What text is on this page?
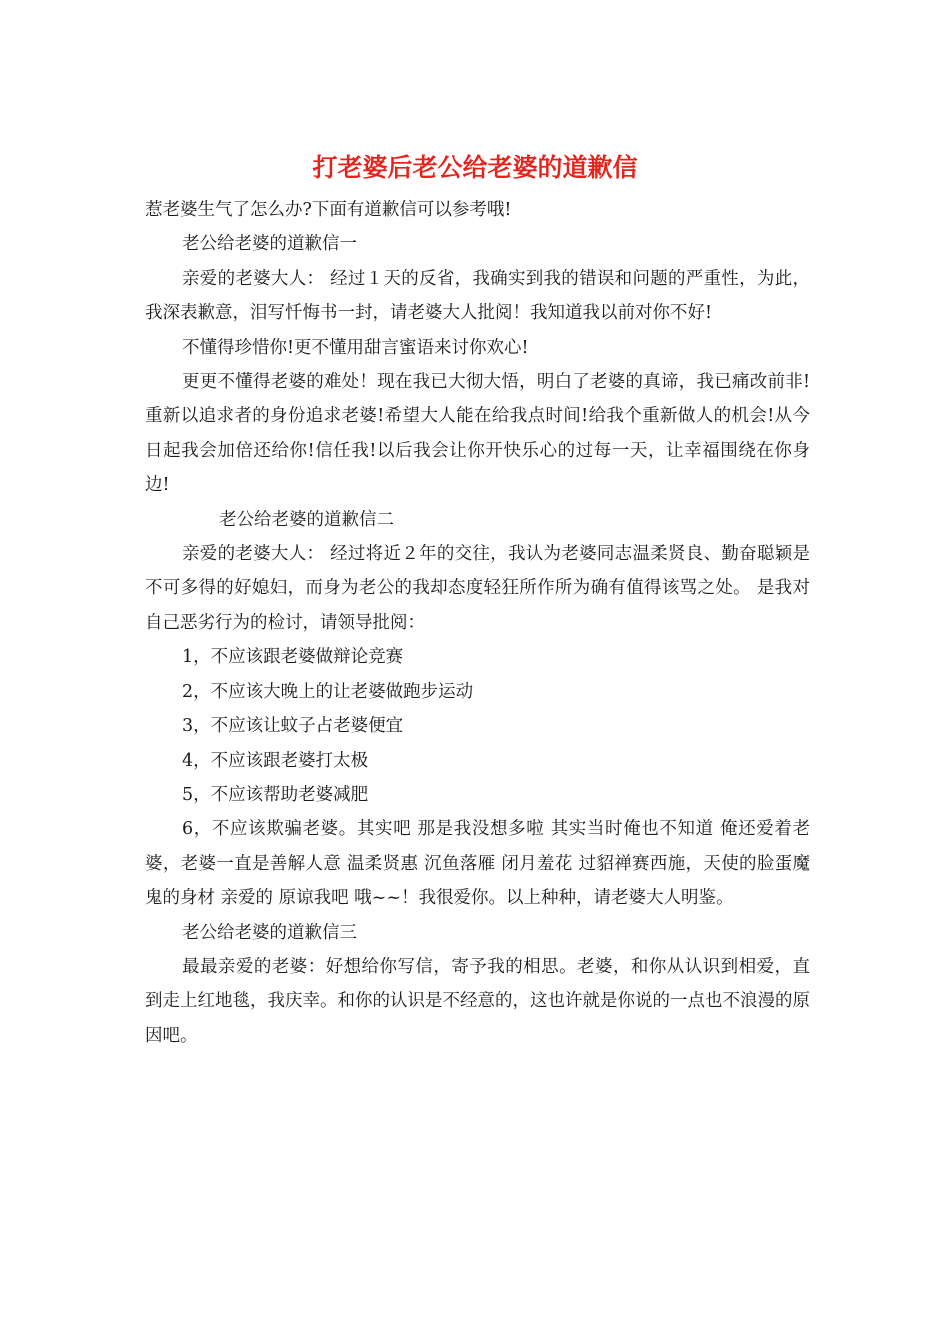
打老婆后老公给老婆的道歉信

惹老婆生气了怎么办?下面有道歉信可以参考哦!

老公给老婆的道歉信一

亲爱的老婆大人： 经过１天的反省，我确实到我的错误和问题的严重性，为此，我深表歉意，泪写忏悔书一封，请老婆大人批阅！我知道我以前对你不好!

不懂得珍惜你!更不懂用甜言蜜语来讨你欢心!

更更不懂得老婆的难处！现在我已大彻大悟，明白了老婆的真谛，我已痛改前非!重新以追求者的身份追求老婆!希望大人能在给我点时间!给我个重新做人的机会!从今日起我会加倍还给你!信任我!以后我会让你开快乐心的过每一天，让幸福围绕在你身边!

老公给老婆的道歉信二

亲爱的老婆大人： 经过将近２年的交往，我认为老婆同志温柔贤良、勤奋聪颖是不可多得的好媳妇，而身为老公的我却态度轻狂所作所为确有值得该骂之处。 是我对自己恶劣行为的检讨，请领导批阅：

1，不应该跟老婆做辩论竞赛

2，不应该大晚上的让老婆做跑步运动

3，不应该让蚊子占老婆便宜

4，不应该跟老婆打太极

5，不应该帮助老婆减肥

6，不应该欺骗老婆。其实吧 那是我没想多啦 其实当时俺也不知道 俺还爱着老婆，老婆一直是善解人意 温柔贤惠 沉鱼落雁 闭月羞花 过貂禅赛西施，天使的脸蛋魔鬼的身材 亲爱的 原谅我吧 哦~~！我很爱你。以上种种，请老婆大人明鉴。

老公给老婆的道歉信三

最最亲爱的老婆：好想给你写信，寄予我的相思。老婆，和你从认识到相爱，直到走上红地毯，我庆幸。和你的认识是不经意的，这也许就是你说的一点也不浪漫的原因吧。
